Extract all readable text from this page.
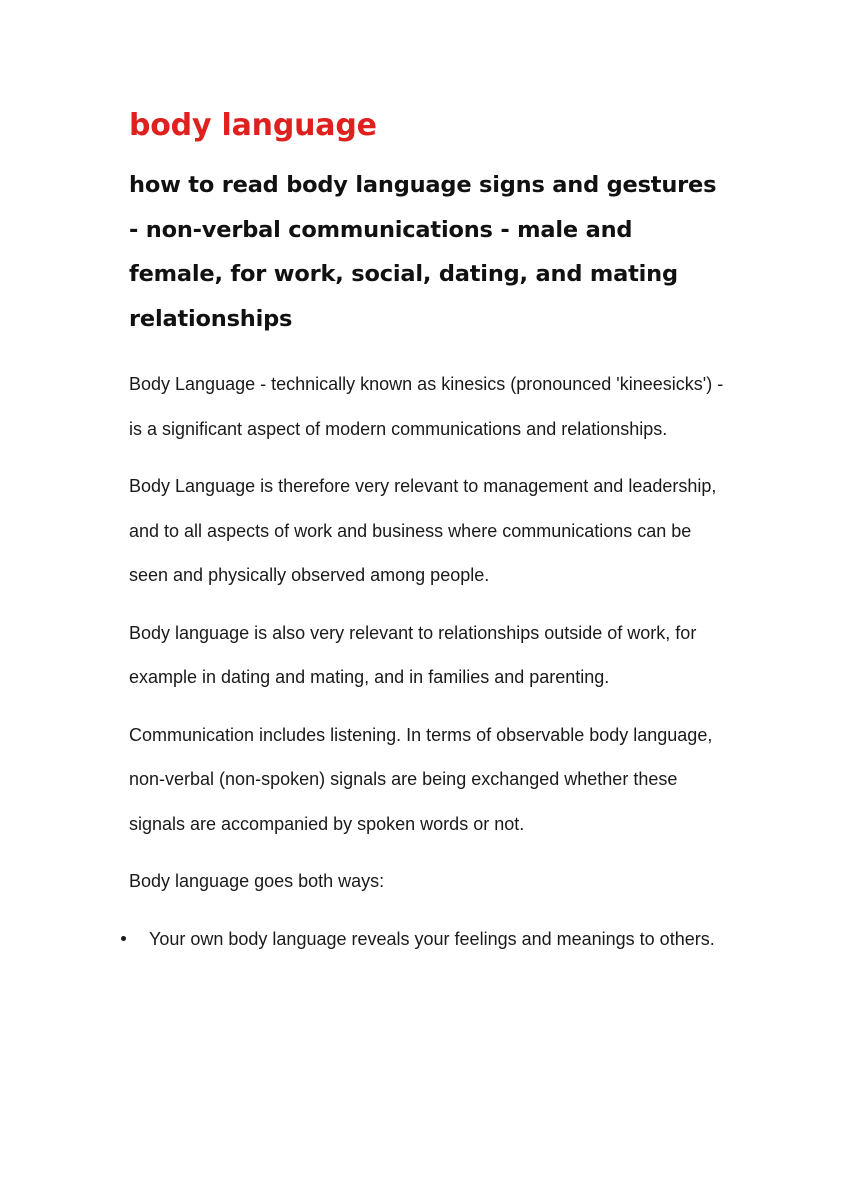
body language
how to read body language signs and gestures - non-verbal communications - male and female, for work, social, dating, and mating relationships

Body Language - technically known as kinesics (pronounced 'kineesicks') - is a significant aspect of modern communications and relationships.

Body Language is therefore very relevant to management and leadership, and to all aspects of work and business where communications can be seen and physically observed among people.

Body language is also very relevant to relationships outside of work, for example in dating and mating, and in families and parenting.

Communication includes listening. In terms of observable body language, non-verbal (non-spoken) signals are being exchanged whether these signals are accompanied by spoken words or not.

Body language goes both ways:

Your own body language reveals your feelings and meanings to others.
